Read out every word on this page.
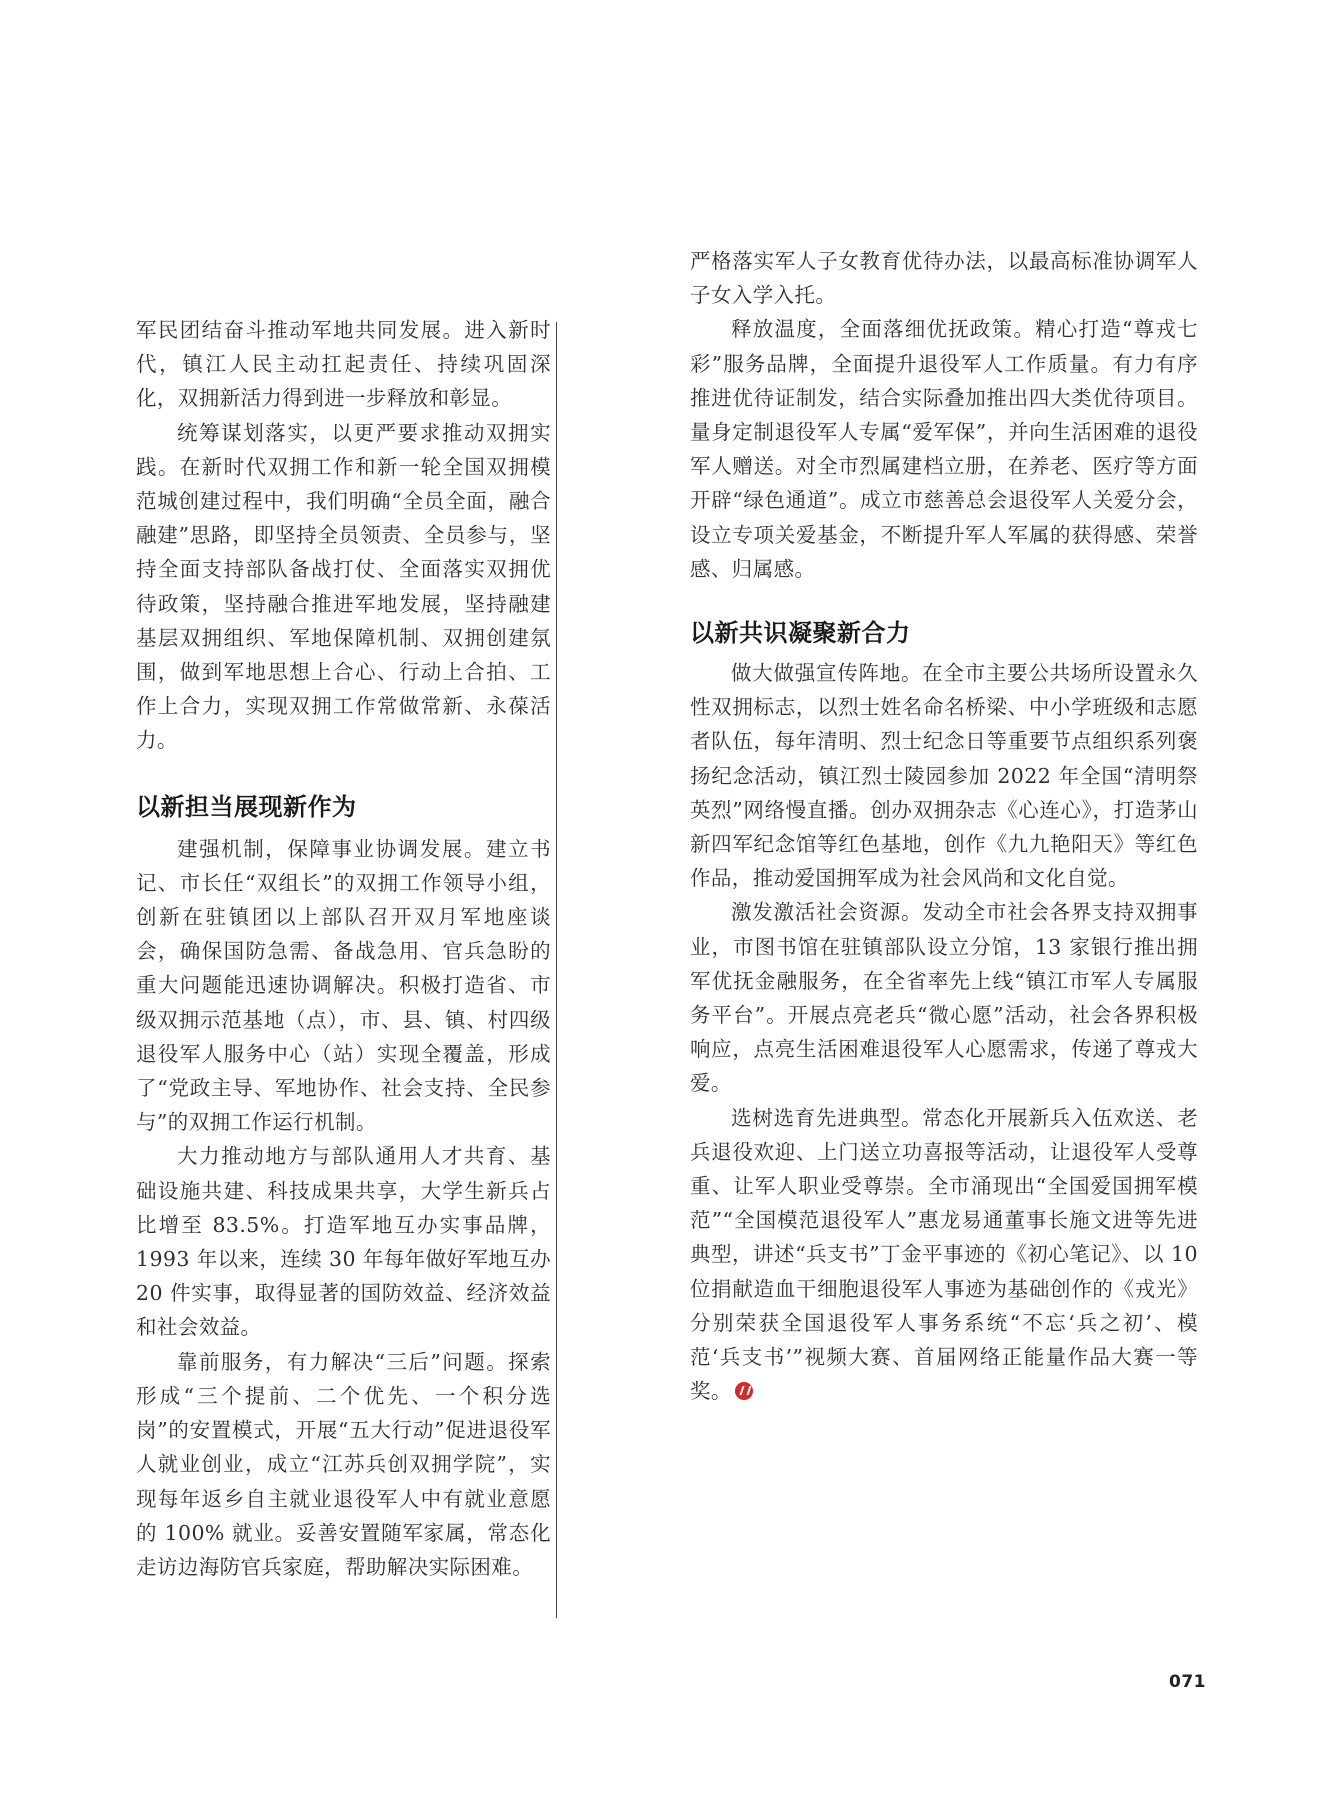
军民团结奋斗推动军地共同发展。进入新时代，镇江人民主动扛起责任、持续巩固深化，双拥新活力得到进一步释放和彰显。

统筹谋划落实，以更严要求推动双拥实践。在新时代双拥工作和新一轮全国双拥模范城创建过程中，我们明确“全员全面，融合融建”思路，即坚持全员领责、全员参与，坚持全面支持部队备战打仗、全面落实双拥优待政策，坚持融合推进军地发展，坚持融建基层双拥组织、军地保障机制、双拥创建氛围，做到军地思想上合心、行动上合拍、工作上合力，实现双拥工作常做常新、永葆活力。

以新担当展现新作为

建强机制，保障事业协调发展。建立书记、市长任“双组长”的双拥工作领导小组，创新在驻镇团以上部队召开双月军地座谈会，确保国防急需、备战急用、官兵急盼的重大问题能迅速协调解决。积极打造省、市级双拥示范基地（点），市、县、镇、村四级退役军人服务中心（站）实现全覆盖，形成了“党政主导、军地协作、社会支持、全民参与”的双拥工作运行机制。

大力推动地方与部队通用人才共育、基础设施共建、科技成果共享，大学生新兵占比增至 83.5%。打造军地互办实事品牌，1993 年以来，连续 30 年每年做好军地互办 20 件实事，取得显著的国防效益、经济效益和社会效益。

靠前服务，有力解决“三后”问题。探索形成“三个提前、二个优先、一个积分选岗”的安置模式，开展“五大行动”促进退役军人就业创业，成立“江苏兵创双拥学院”，实现每年返乡自主就业退役军人中有就业意愿的 100% 就业。妥善安置随军家属，常态化走访边海防官兵家庭，帮助解决实际困难。

严格落实军人子女教育优待办法，以最高标准协调军人子女入学入托。

释放温度，全面落细优抚政策。精心打造“尊戎七彩”服务品牌，全面提升退役军人工作质量。有力有序推进优待证制发，结合实际叠加推出四大类优待项目。量身定制退役军人专属“爱军保”，并向生活困难的退役军人赠送。对全市烈属建档立册，在养老、医疗等方面开辟“绿色通道”。成立市慈善总会退役军人关爱分会，设立专项关爱基金，不断提升军人军属的获得感、荣誉感、归属感。

以新共识凝聚新合力

做大做强宣传阵地。在全市主要公共场所设置永久性双拥标志，以烈士姓名命名桥梁、中小学班级和志愿者队伍，每年清明、烈士纪念日等重要节点组织系列褒扬纪念活动，镇江烈士陵园参加 2022 年全国“清明祭英烈”网络慢直播。创办双拥杂志《心连心》，打造茅山新四军纪念馆等红色基地，创作《九九艳阳天》等红色作品，推动爱国拥军成为社会风尚和文化自觉。

激发激活社会资源。发动全市社会各界支持双拥事业，市图书馆在驻镇部队设立分馆，13 家银行推出拥军优抚金融服务，在全省率先上线“镇江市军人专属服务平台”。开展点亮老兵“微心愿”活动，社会各界积极响应，点亮生活困难退役军人心愿需求，传递了尊戎大爱。

选树选育先进典型。常态化开展新兵入伍欢送、老兵退役欢迎、上门送立功喜报等活动，让退役军人受尊重、让军人职业受尊崇。全市涌现出“全国爱国拥军模范”“全国模范退役军人”惠龙易通董事长施文进等先进典型，讲述“兵支书”丁金平事迹的《初心笔记》、以 10 位捐献造血干细胞退役军人事迹为基础创作的《戎光》分别荣获全国退役军人事务系统“不忘‘兵之初’、模范‘兵支书’”视频大赛、首届网络正能量作品大赛一等奖。

071
